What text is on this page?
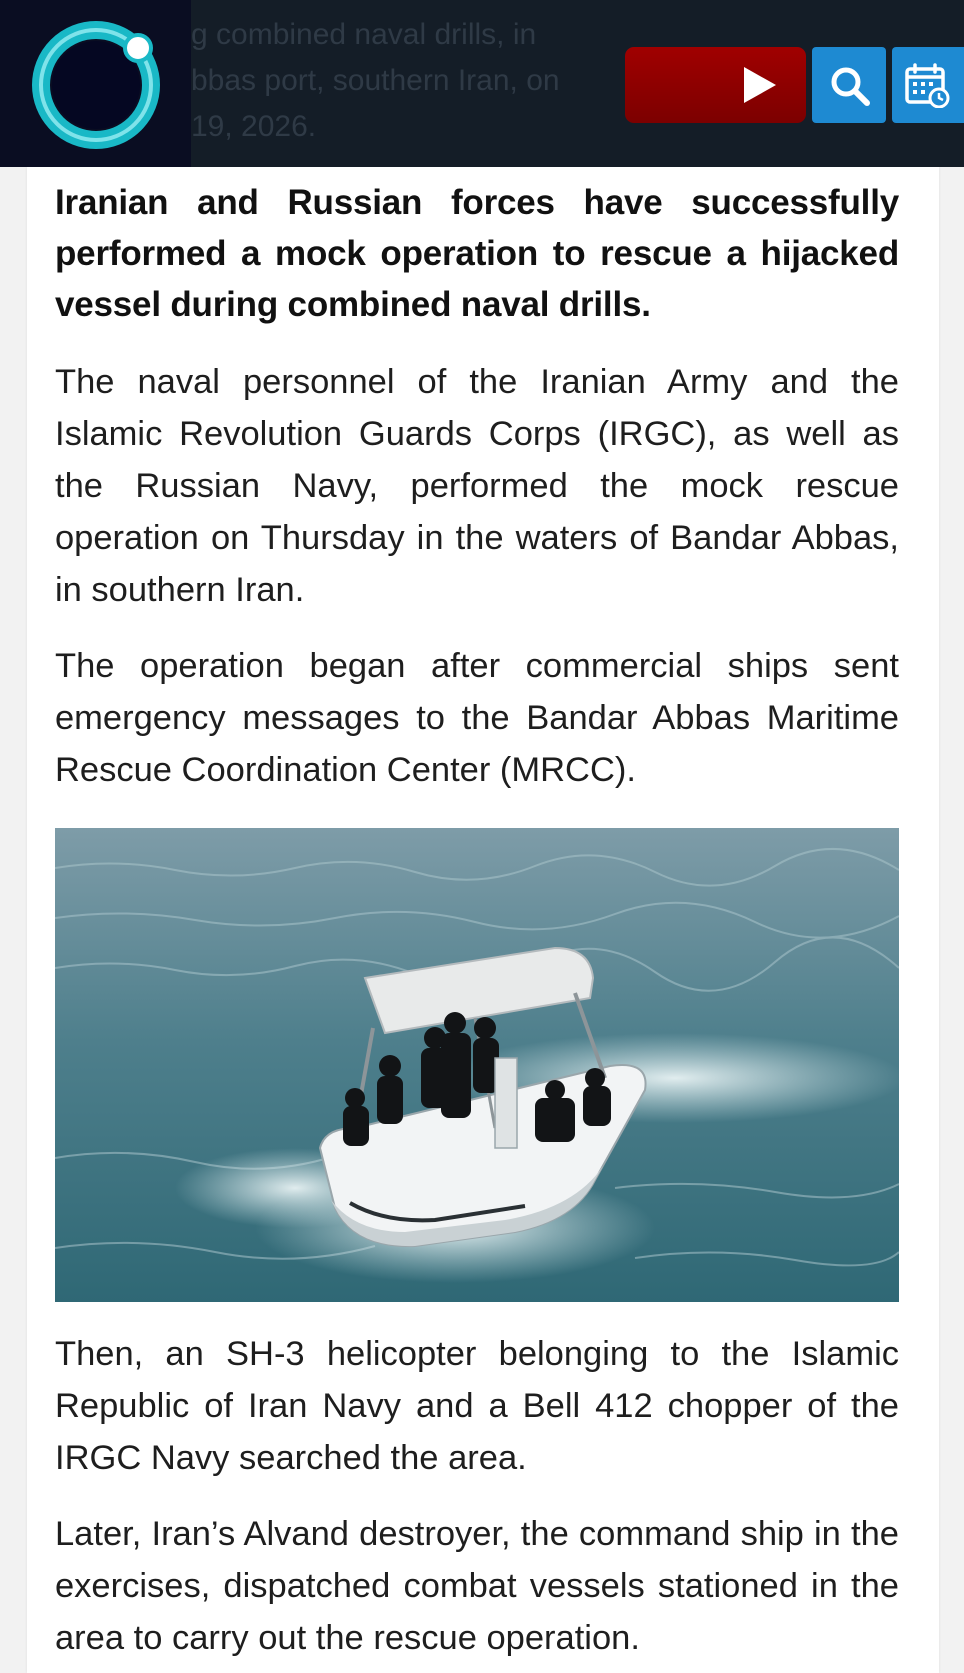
g combined naval drills, in
bbas port, southern Iran, on
19, 2026.

Iranian and Russian forces have successfully performed a mock operation to rescue a hijacked vessel during combined naval drills.

The naval personnel of the Iranian Army and the Islamic Revolution Guards Corps (IRGC), as well as the Russian Navy, performed the mock rescue operation on Thursday in the waters of Bandar Abbas, in southern Iran.

The operation began after commercial ships sent emergency messages to the Bandar Abbas Maritime Rescue Coordination Center (MRCC).

Then, an SH-3 helicopter belonging to the Islamic Republic of Iran Navy and a Bell 412 chopper of the IRGC Navy searched the area.

Later, Iran’s Alvand destroyer, the command ship in the exercises, dispatched combat vessels stationed in the area to carry out the rescue operation.
